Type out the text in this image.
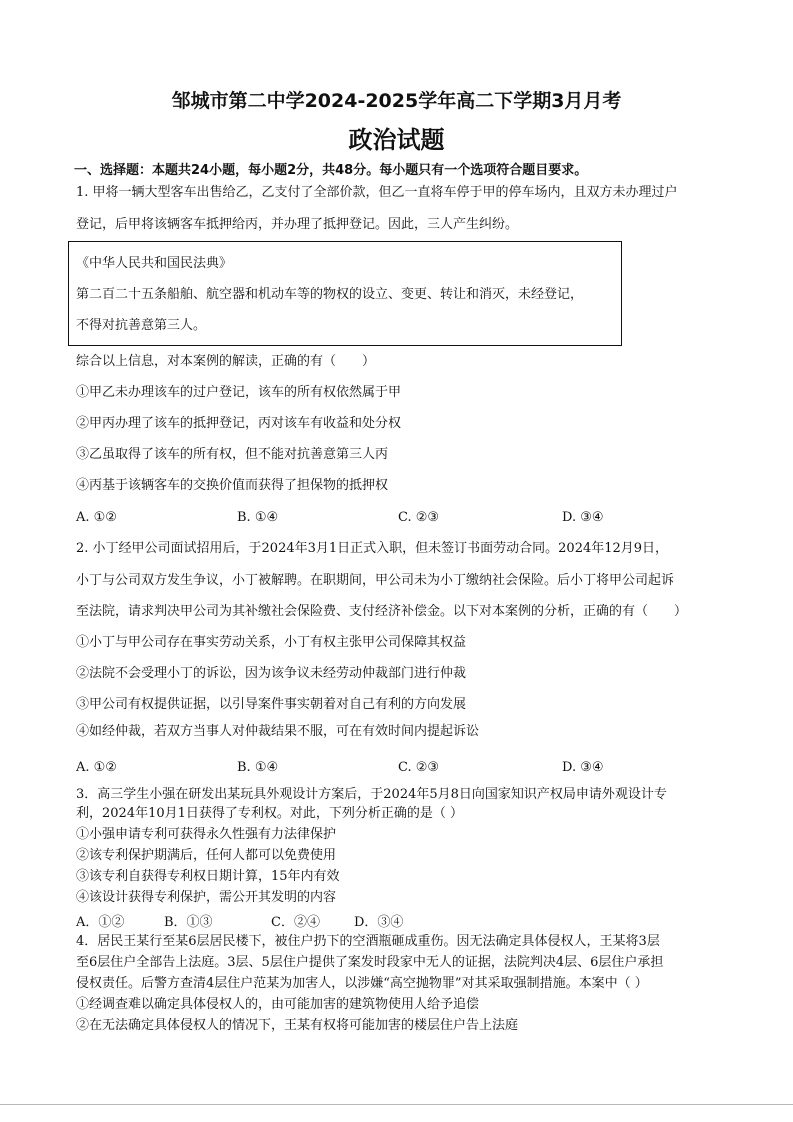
邹城市第二中学2024-2025学年高二下学期3月月考
政治试题
一、选择题：本题共24小题，每小题2分，共48分。每小题只有一个选项符合题目要求。
1. 甲将一辆大型客车出售给乙，乙支付了全部价款，但乙一直将车停于甲的停车场内，且双方未办理过户
登记，后甲将该辆客车抵押给丙，并办理了抵押登记。因此，三人产生纠纷。
《中华人民共和国民法典》
第二百二十五条船舶、航空器和机动车等的物权的设立、变更、转让和消灭，未经登记，
不得对抗善意第三人。
综合以上信息，对本案例的解读，正确的有（　　）
①甲乙未办理该车的过户登记，该车的所有权依然属于甲
②甲丙办理了该车的抵押登记，丙对该车有收益和处分权
③乙虽取得了该车的所有权，但不能对抗善意第三人丙
④丙基于该辆客车的交换价值而获得了担保物的抵押权
A. ①②	B. ①④	C. ②③	D. ③④
2. 小丁经甲公司面试招用后，于2024年3月1日正式入职，但未签订书面劳动合同。2024年12月9日，
小丁与公司双方发生争议，小丁被解聘。在职期间，甲公司未为小丁缴纳社会保险。后小丁将甲公司起诉
至法院，请求判决甲公司为其补缴社会保险费、支付经济补偿金。以下对本案例的分析，正确的有（　　）
①小丁与甲公司存在事实劳动关系，小丁有权主张甲公司保障其权益
②法院不会受理小丁的诉讼，因为该争议未经劳动仲裁部门进行仲裁
③甲公司有权提供证据，以引导案件事实朝着对自己有利的方向发展
④如经仲裁，若双方当事人对仲裁结果不服，可在有效时间内提起诉讼
A. ①②	B. ①④	C. ②③	D. ③④
3．高三学生小强在研发出某玩具外观设计方案后，于2024年5月8日向国家知识产权局申请外观设计专
利，2024年10月1日获得了专利权。对此，下列分析正确的是（ ）
①小强申请专利可获得永久性强有力法律保护
②该专利保护期满后，任何人都可以免费使用
③该专利自获得专利权日期计算，15年内有效
④该设计获得专利保护，需公开其发明的内容
A．①②	B．①③	C．②④	D．③④
4．居民王某行至某6层居民楼下，被住户扔下的空酒瓶砸成重伤。因无法确定具体侵权人，王某将3层
至6层住户全部告上法庭。3层、5层住户提供了案发时段家中无人的证据，法院判决4层、6层住户承担
侵权责任。后警方查清4层住户范某为加害人，以涉嫌“高空抛物罪”对其采取强制措施。本案中（ ）
①经调查难以确定具体侵权人的，由可能加害的建筑物使用人给予追偿
②在无法确定具体侵权人的情况下，王某有权将可能加害的楼层住户告上法庭
